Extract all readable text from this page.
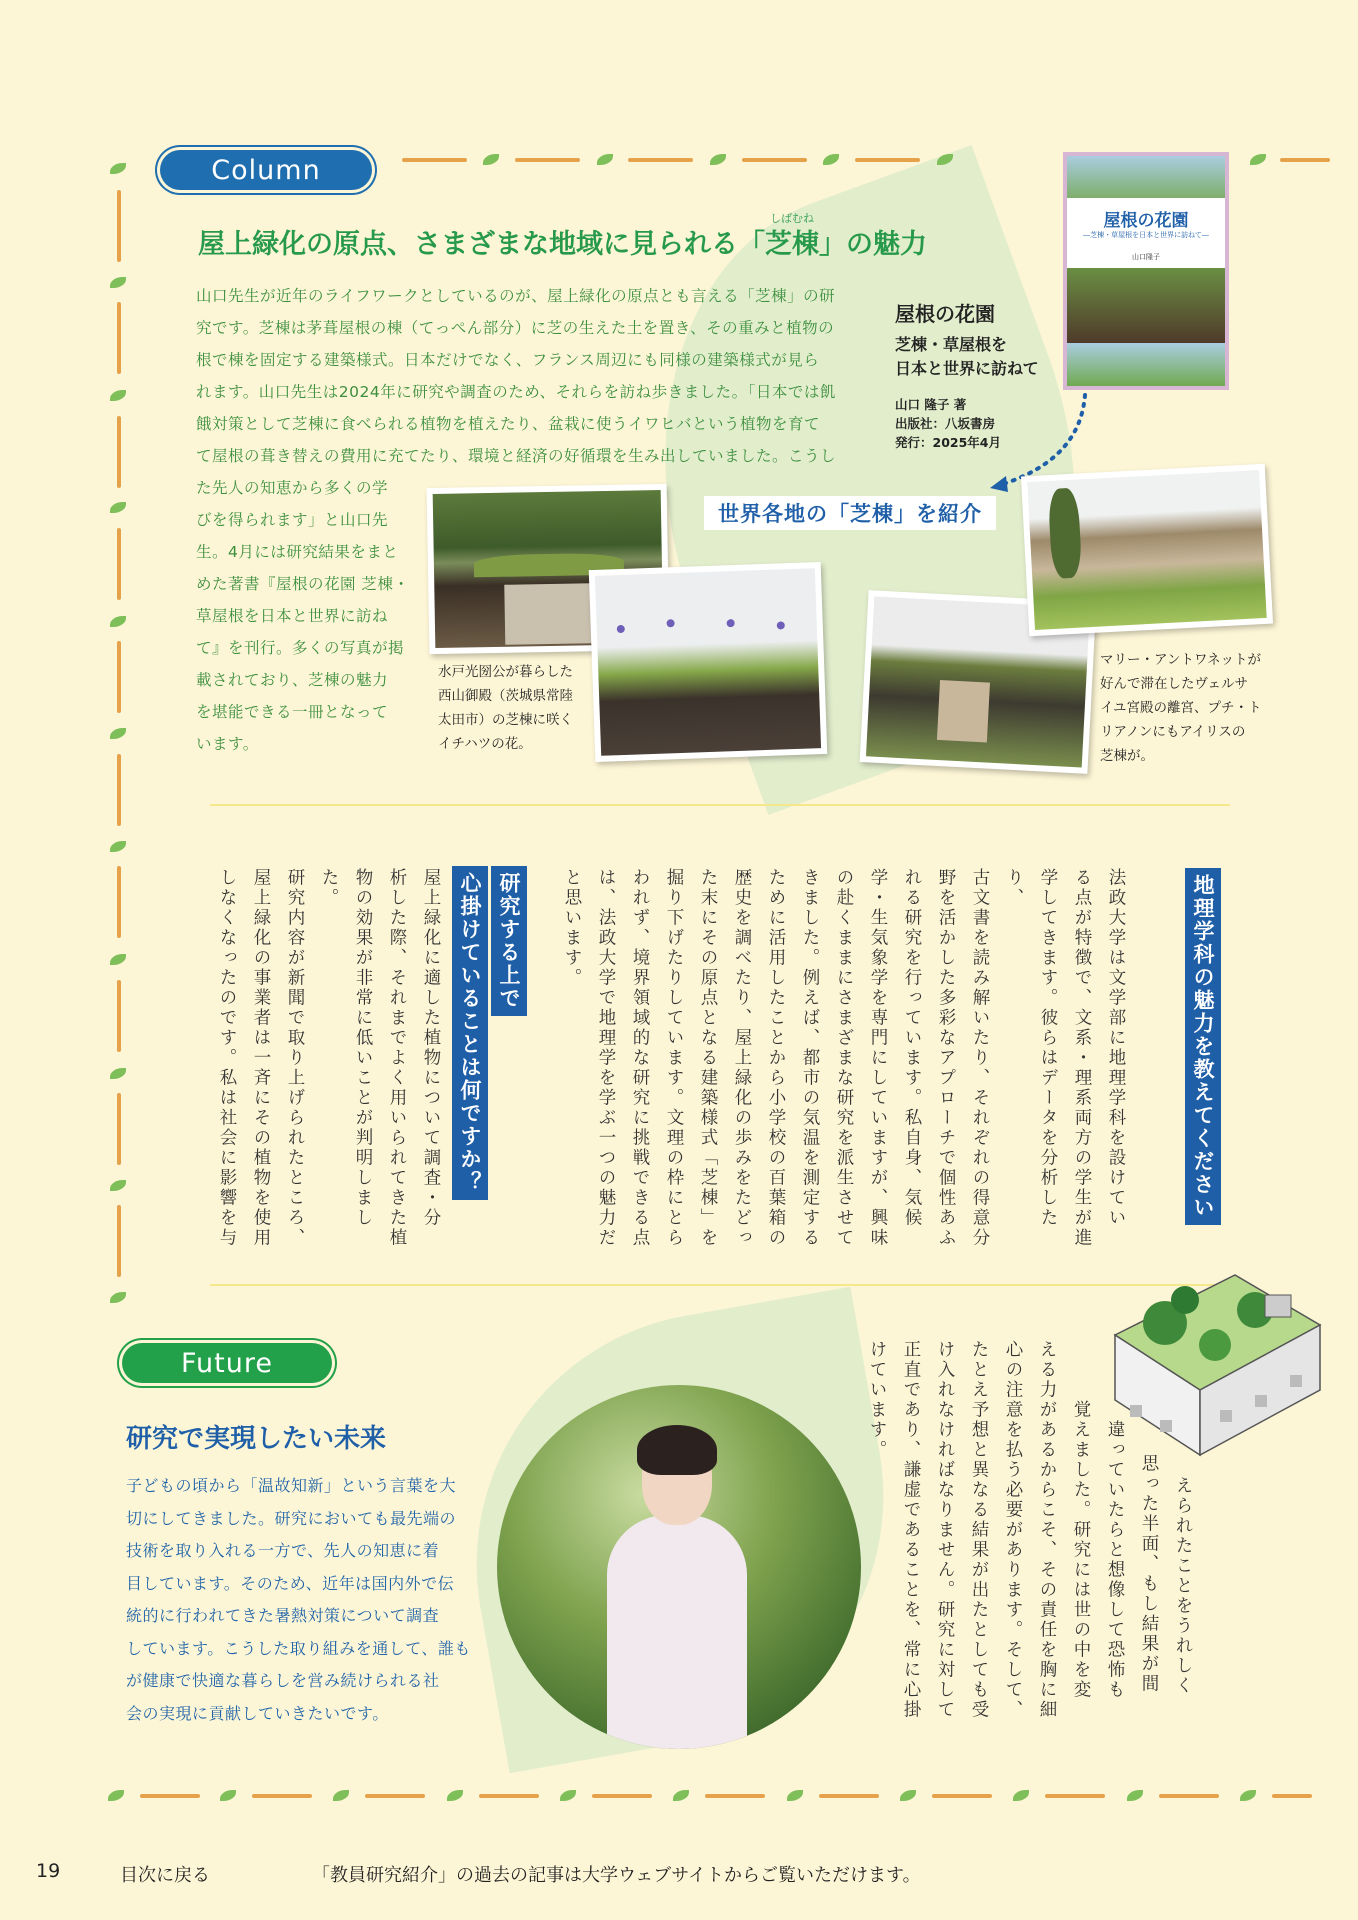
Column
屋上緑化の原点、さまざまな地域に見られる「芝棟」の魅力
しばむね
山口先生が近年のライフワークとしているのが、屋上緑化の原点とも言える「芝棟」の研
究です。芝棟は茅葺屋根の棟（てっぺん部分）に芝の生えた土を置き、その重みと植物の
根で棟を固定する建築様式。日本だけでなく、フランス周辺にも同様の建築様式が見ら
れます。山口先生は2024年に研究や調査のため、それらを訪ね歩きました。「日本では飢
餓対策として芝棟に食べられる植物を植えたり、盆栽に使うイワヒバという植物を育て
て屋根の葺き替えの費用に充てたり、環境と経済の好循環を生み出していました。こうし
た先人の知恵から多くの学
びを得られます」と山口先
生。4月には研究結果をまと
めた著書『屋根の花園 芝棟・
草屋根を日本と世界に訪ね
て』を刊行。多くの写真が掲
載されており、芝棟の魅力
を堪能できる一冊となって
います。
屋根の花園
芝棟・草屋根を
日本と世界に訪ねて
山口 隆子 著
出版社：八坂書房
発行：2025年4月
屋根の花園
―芝棟・草屋根を日本と世界に訪ねて―
山口隆子
世界各地の「芝棟」を紹介
水戸光圀公が暮らした
西山御殿（茨城県常陸
太田市）の芝棟に咲く
イチハツの花。
マリー・アントワネットが
好んで滞在したヴェルサ
イユ宮殿の離宮、プチ・ト
リアノンにもアイリスの
芝棟が。
地理学科の魅力を教えてください
法政大学は文学部に地理学科を設けてい
る点が特徴で、文系・理系両方の学生が進
学してきます。彼らはデータを分析したり、
古文書を読み解いたり、それぞれの得意分
野を活かした多彩なアプローチで個性あふ
れる研究を行っています。私自身、気候
学・生気象学を専門にしていますが、興味
の赴くままにさまざまな研究を派生させて
きました。例えば、都市の気温を測定する
ために活用したことから小学校の百葉箱の
歴史を調べたり、屋上緑化の歩みをたどっ
た末にその原点となる建築様式「芝棟」を
掘り下げたりしています。文理の枠にとら
われず、境界領域的な研究に挑戦できる点
は、法政大学で地理学を学ぶ一つの魅力だ
と思います。
研究する上で
心掛けていることは何ですか？
屋上緑化に適した植物について調査・分
析した際、それまでよく用いられてきた植
物の効果が非常に低いことが判明しました。
研究内容が新聞で取り上げられたところ、
屋上緑化の事業者は一斉にその植物を使用
しなくなったのです。私は社会に影響を与
えられたことをうれしく
思った半面、もし結果が間
違っていたらと想像して恐怖も
覚えました。研究には世の中を変
える力があるからこそ、その責任を胸に細
心の注意を払う必要があります。そして、
たとえ予想と異なる結果が出たとしても受
け入れなければなりません。研究に対して
正直であり、謙虚であることを、常に心掛
けています。
Future
研究で実現したい未来
子どもの頃から「温故知新」という言葉を大
切にしてきました。研究においても最先端の
技術を取り入れる一方で、先人の知恵に着
目しています。そのため、近年は国内外で伝
統的に行われてきた暑熱対策について調査
しています。こうした取り組みを通して、誰も
が健康で快適な暮らしを営み続けられる社
会の実現に貢献していきたいです。
19	目次に戻る	「教員研究紹介」の過去の記事は大学ウェブサイトからご覧いただけます。
